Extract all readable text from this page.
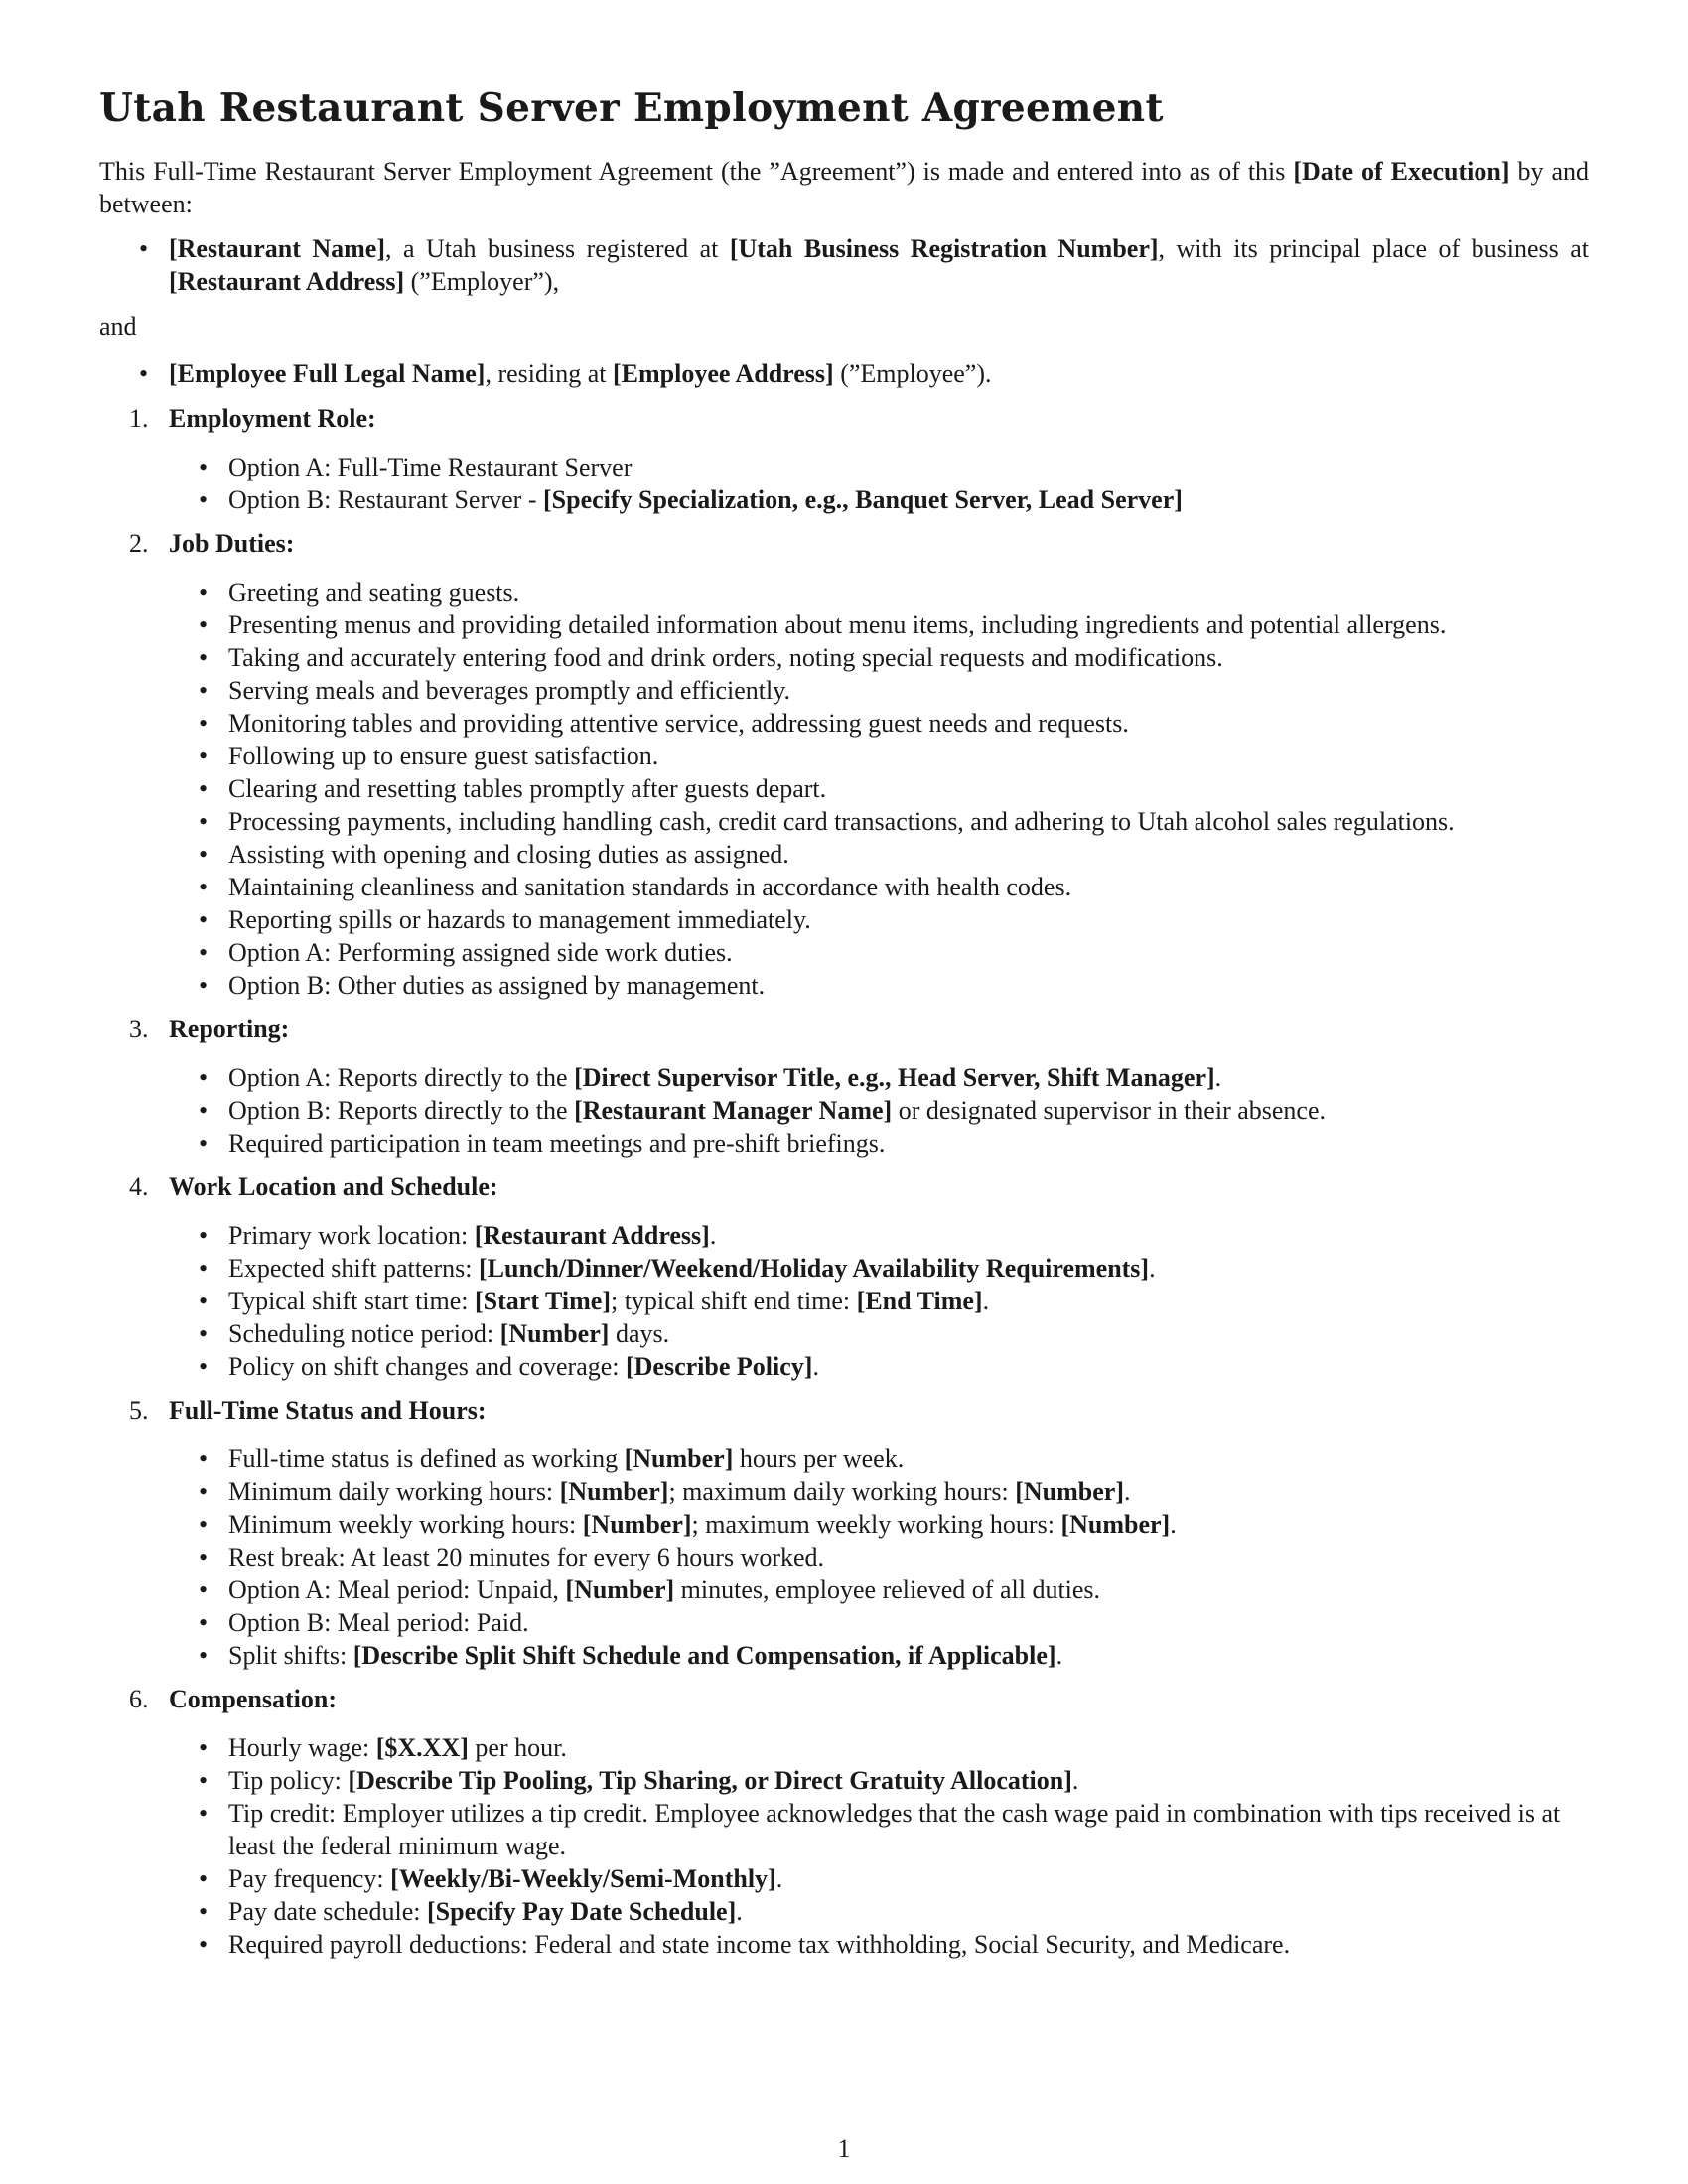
Utah Restaurant Server Employment Agreement

This Full-Time Restaurant Server Employment Agreement (the ”Agreement”) is made and entered into as of this [Date of Execution] by and between:

• [Restaurant Name], a Utah business registered at [Utah Business Registration Number], with its principal place of business at [Restaurant Address] (”Employer”),

and

• [Employee Full Legal Name], residing at [Employee Address] (”Employee”).
1. Employment Role:
• Option A: Full-Time Restaurant Server
• Option B: Restaurant Server - [Specify Specialization, e.g., Banquet Server, Lead Server]
2. Job Duties:
• Greeting and seating guests.
• Presenting menus and providing detailed information about menu items, including ingredients and potential allergens.
• Taking and accurately entering food and drink orders, noting special requests and modifications.
• Serving meals and beverages promptly and efficiently.
• Monitoring tables and providing attentive service, addressing guest needs and requests.
• Following up to ensure guest satisfaction.
• Clearing and resetting tables promptly after guests depart.
• Processing payments, including handling cash, credit card transactions, and adhering to Utah alcohol sales regulations.
• Assisting with opening and closing duties as assigned.
• Maintaining cleanliness and sanitation standards in accordance with health codes.
• Reporting spills or hazards to management immediately.
• Option A: Performing assigned side work duties.
• Option B: Other duties as assigned by management.
3. Reporting:
• Option A: Reports directly to the [Direct Supervisor Title, e.g., Head Server, Shift Manager].
• Option B: Reports directly to the [Restaurant Manager Name] or designated supervisor in their absence.
• Required participation in team meetings and pre-shift briefings.
4. Work Location and Schedule:
• Primary work location: [Restaurant Address].
• Expected shift patterns: [Lunch/Dinner/Weekend/Holiday Availability Requirements].
• Typical shift start time: [Start Time]; typical shift end time: [End Time].
• Scheduling notice period: [Number] days.
• Policy on shift changes and coverage: [Describe Policy].
5. Full-Time Status and Hours:
• Full-time status is defined as working [Number] hours per week.
• Minimum daily working hours: [Number]; maximum daily working hours: [Number].
• Minimum weekly working hours: [Number]; maximum weekly working hours: [Number].
• Rest break: At least 20 minutes for every 6 hours worked.
• Option A: Meal period: Unpaid, [Number] minutes, employee relieved of all duties.
• Option B: Meal period: Paid.
• Split shifts: [Describe Split Shift Schedule and Compensation, if Applicable].
6. Compensation:
• Hourly wage: [$X.XX] per hour.
• Tip policy: [Describe Tip Pooling, Tip Sharing, or Direct Gratuity Allocation].
• Tip credit: Employer utilizes a tip credit. Employee acknowledges that the cash wage paid in combination with tips received is at least the federal minimum wage.
• Pay frequency: [Weekly/Bi-Weekly/Semi-Monthly].
• Pay date schedule: [Specify Pay Date Schedule].
• Required payroll deductions: Federal and state income tax withholding, Social Security, and Medicare.
1
